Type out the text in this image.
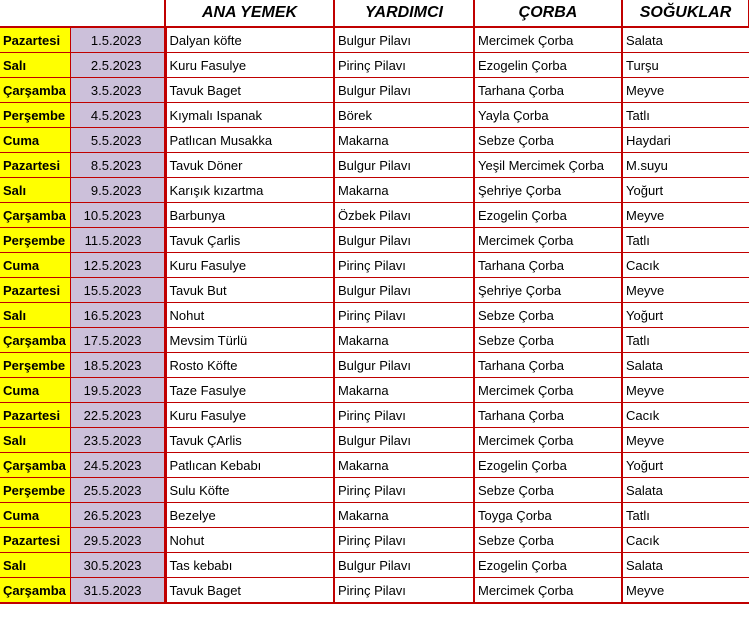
		ANA YEMEK	YARDIMCI	ÇORBA	SOĞUKLAR
Pazartesi	1.5.2023	Dalyan köfte	Bulgur Pilavı	Mercimek Çorba	Salata
Salı	2.5.2023	Kuru Fasulye	Pirinç Pilavı	Ezogelin Çorba	Turşu
Çarşamba	3.5.2023	Tavuk Baget	Bulgur Pilavı	Tarhana Çorba	Meyve
Perşembe	4.5.2023	Kıymalı Ispanak	Börek	Yayla Çorba	Tatlı
Cuma	5.5.2023	Patlıcan Musakka	Makarna	Sebze Çorba	Haydari
Pazartesi	8.5.2023	Tavuk Döner	Bulgur Pilavı	Yeşil Mercimek Çorba	M.suyu
Salı	9.5.2023	Karışık kızartma	Makarna	Şehriye Çorba	Yoğurt
Çarşamba	10.5.2023	Barbunya	Özbek Pilavı	Ezogelin Çorba	Meyve
Perşembe	11.5.2023	Tavuk Çarlis	Bulgur Pilavı	Mercimek Çorba	Tatlı
Cuma	12.5.2023	Kuru Fasulye	Pirinç Pilavı	Tarhana Çorba	Cacık
Pazartesi	15.5.2023	Tavuk But	Bulgur Pilavı	Şehriye Çorba	Meyve
Salı	16.5.2023	Nohut	Pirinç Pilavı	Sebze Çorba	Yoğurt
Çarşamba	17.5.2023	Mevsim Türlü	Makarna	Sebze Çorba	Tatlı
Perşembe	18.5.2023	Rosto Köfte	Bulgur Pilavı	Tarhana Çorba	Salata
Cuma	19.5.2023	Taze Fasulye	Makarna	Mercimek Çorba	Meyve
Pazartesi	22.5.2023	Kuru Fasulye	Pirinç Pilavı	Tarhana Çorba	Cacık
Salı	23.5.2023	Tavuk ÇArlis	Bulgur Pilavı	Mercimek Çorba	Meyve
Çarşamba	24.5.2023	Patlıcan Kebabı	Makarna	Ezogelin Çorba	Yoğurt
Perşembe	25.5.2023	Sulu Köfte	Pirinç Pilavı	Sebze Çorba	Salata
Cuma	26.5.2023	Bezelye	Makarna	Toyga Çorba	Tatlı
Pazartesi	29.5.2023	Nohut	Pirinç Pilavı	Sebze Çorba	Cacık
Salı	30.5.2023	Tas kebabı	Bulgur Pilavı	Ezogelin Çorba	Salata
Çarşamba	31.5.2023	Tavuk Baget	Pirinç Pilavı	Mercimek Çorba	Meyve
